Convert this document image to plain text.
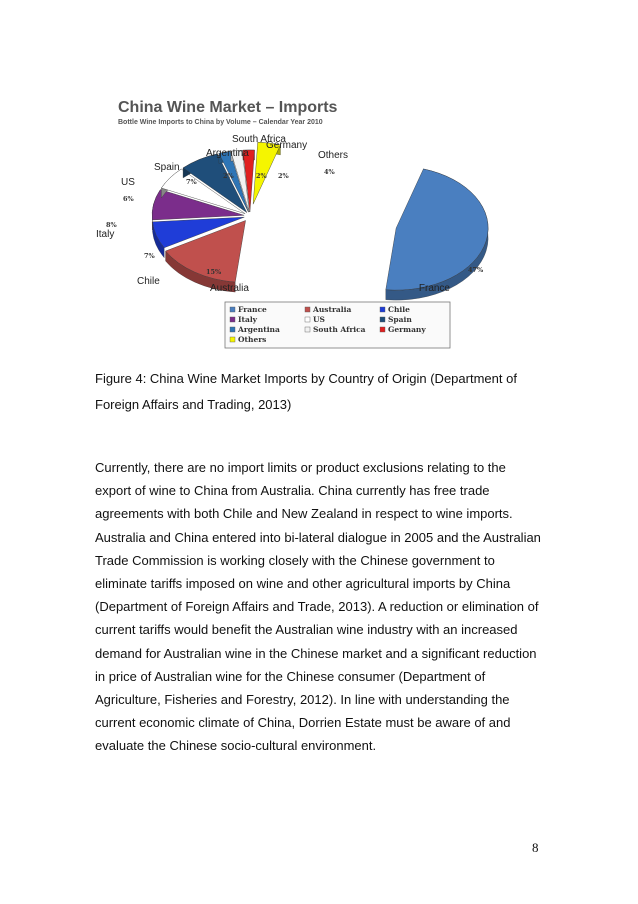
China Wine Market – Imports
Bottle Wine Imports to China by Volume – Calendar Year 2010
Others
4%
France
47%
Australia
15%
Chile
7%
Italy
8%
US
6%
Spain
7%
Argentina
2%
South Africa
2%
Germany
2%
France	Australia	Chile
Italy	US	Spain
Argentina	South Africa	Germany
Others

Figure 4: China Wine Market Imports by Country of Origin (Department of Foreign Affairs and Trading, 2013)

Currently, there are no import limits or product exclusions relating to the export of wine to China from Australia. China currently has free trade agreements with both Chile and New Zealand in respect to wine imports. Australia and China entered into bi-lateral dialogue in 2005 and the Australian Trade Commission is working closely with the Chinese government to eliminate tariffs imposed on wine and other agricultural imports by China (Department of Foreign Affairs and Trade, 2013). A reduction or elimination of current tariffs would benefit the Australian wine industry with an increased demand for Australian wine in the Chinese market and a significant reduction in price of Australian wine for the Chinese consumer (Department of Agriculture, Fisheries and Forestry, 2012). In line with understanding the current economic climate of China, Dorrien Estate must be aware of and evaluate the Chinese socio-cultural environment.

8
